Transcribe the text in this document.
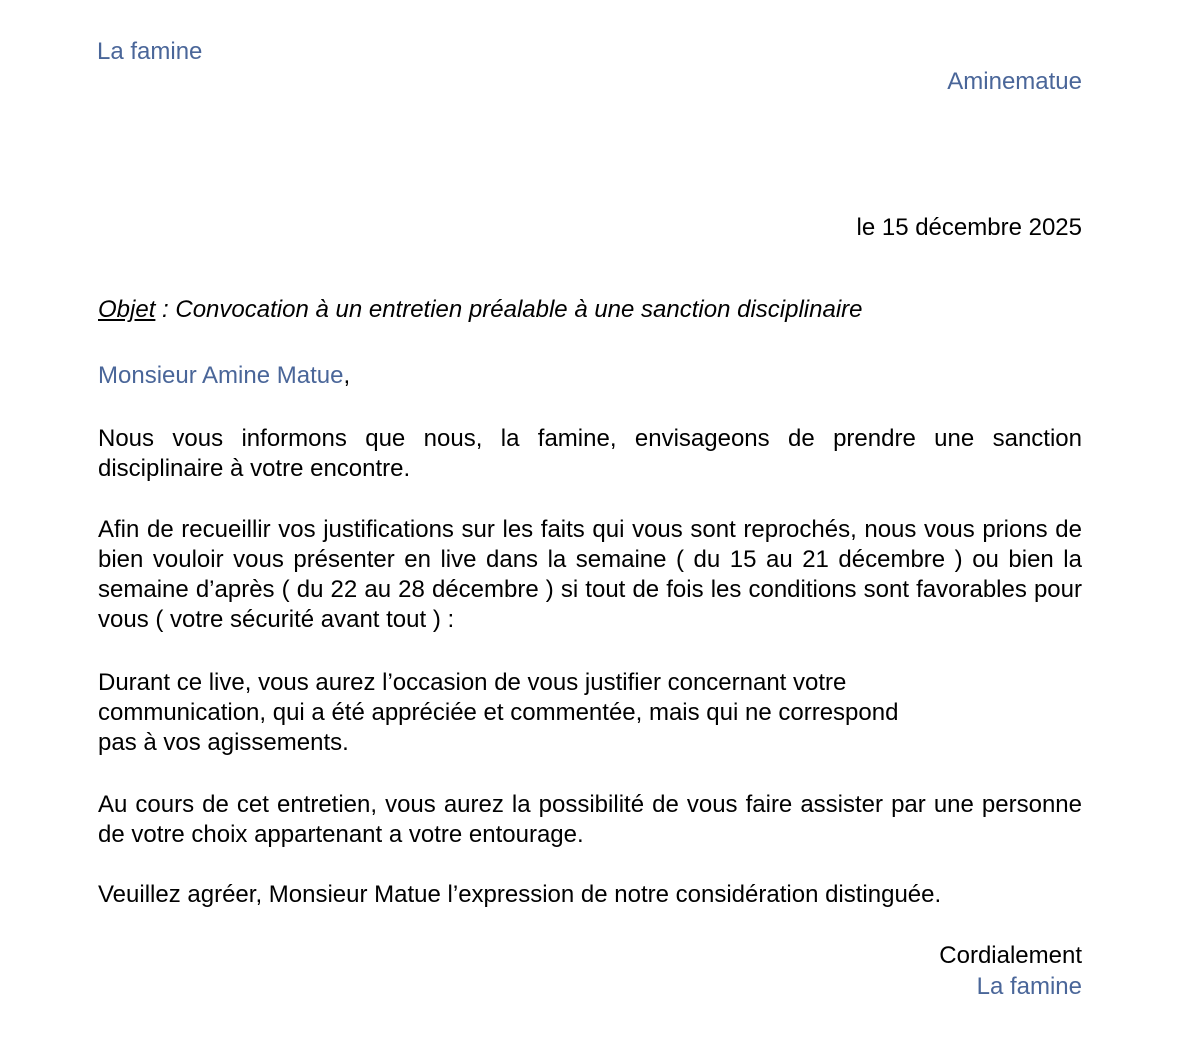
La famine
Aminematue
le 15 décembre 2025
Objet : Convocation à un entretien préalable à une sanction disciplinaire
Monsieur Amine Matue,

Nous vous informons que nous, la famine, envisageons de prendre une sanction disciplinaire à votre encontre.

Afin de recueillir vos justifications sur les faits qui vous sont reprochés, nous vous prions de bien vouloir vous présenter en live dans la semaine ( du 15 au 21 décembre ) ou bien la semaine d’après ( du 22 au 28 décembre ) si tout de fois les conditions sont favorables pour vous ( votre sécurité avant tout ) :

Durant ce live, vous aurez l’occasion de vous justifier concernant votre communication, qui a été appréciée et commentée, mais qui ne correspond pas à vos agissements.

Au cours de cet entretien, vous aurez la possibilité de vous faire assister par une personne de votre choix appartenant a votre entourage.

Veuillez agréer, Monsieur Matue l’expression de notre considération distinguée.

Cordialement
La famine
